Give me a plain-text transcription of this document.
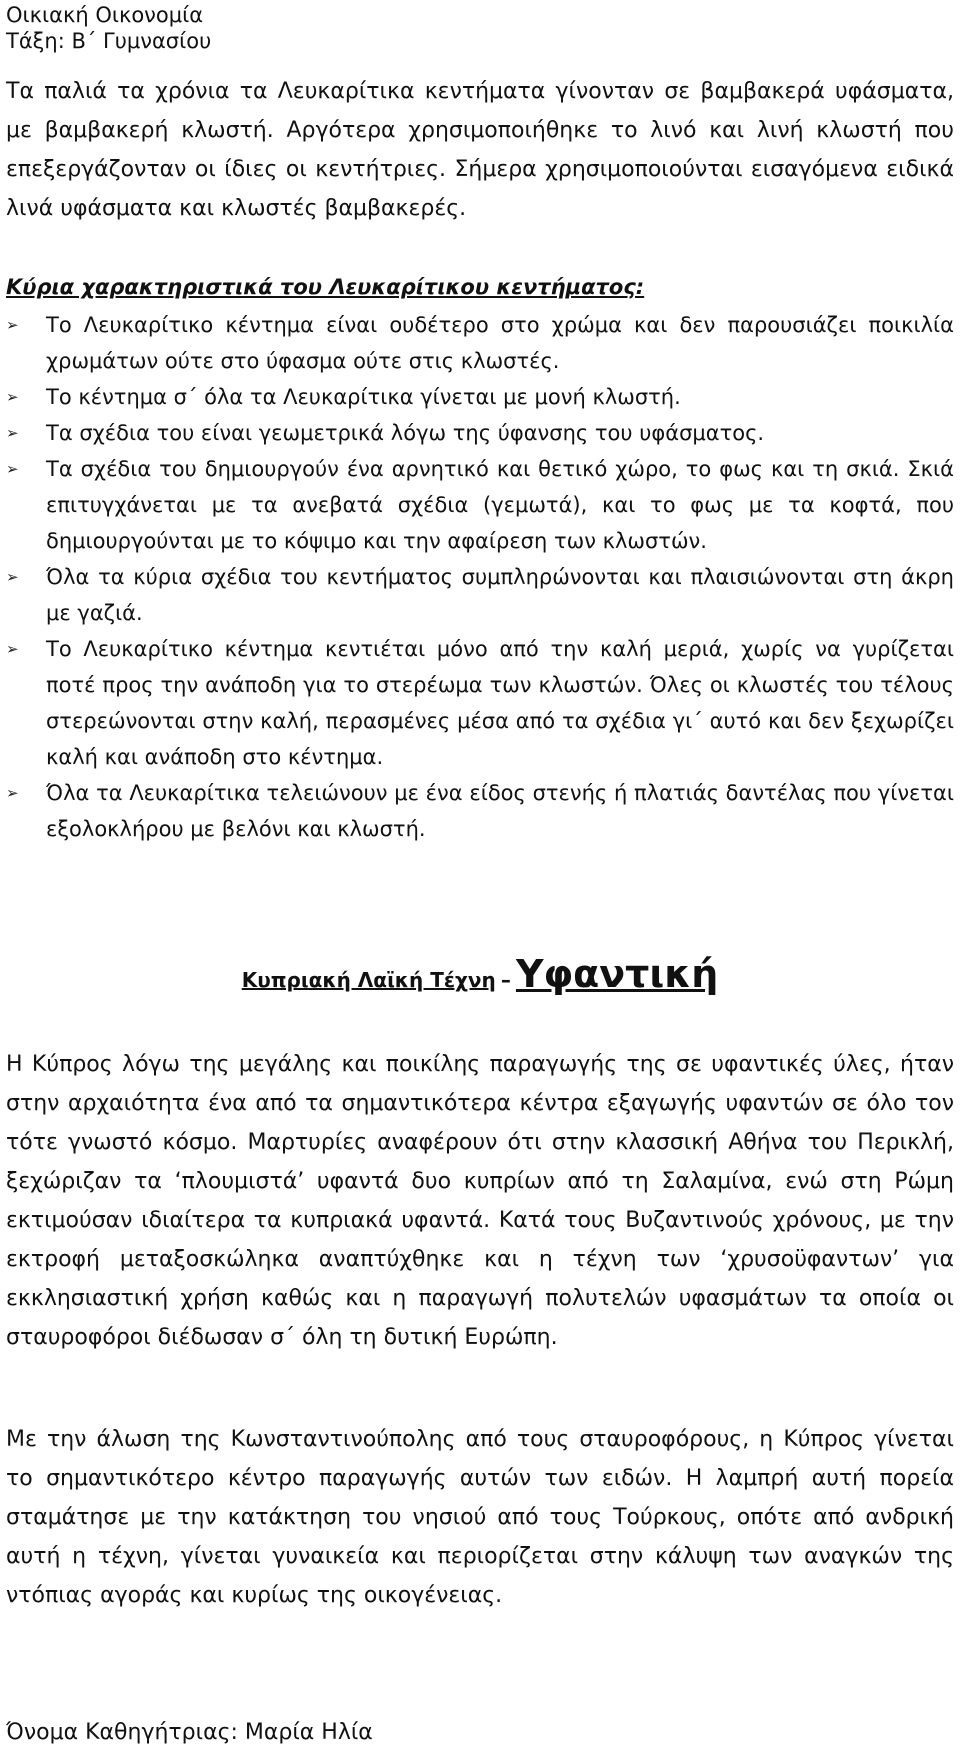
Οικιακή Οικονομία
Τάξη: Β΄ Γυμνασίου

Τα παλιά τα χρόνια τα Λευκαρίτικα κεντήματα γίνονταν σε βαμβακερά υφάσματα, με βαμβακερή κλωστή. Αργότερα χρησιμοποιήθηκε το λινό και λινή κλωστή που επεξεργάζονταν οι ίδιες οι κεντήτριες. Σήμερα χρησιμοποιούνται εισαγόμενα ειδικά λινά υφάσματα και κλωστές βαμβακερές.

Κύρια χαρακτηριστικά του Λευκαρίτικου κεντήματος:
➢	Το Λευκαρίτικο κέντημα είναι ουδέτερο στο χρώμα και δεν παρουσιάζει ποικιλία χρωμάτων ούτε στο ύφασμα ούτε στις κλωστές.
➢	Το κέντημα σ΄ όλα τα Λευκαρίτικα γίνεται με μονή κλωστή.
➢	Τα σχέδια του είναι γεωμετρικά λόγω της ύφανσης του υφάσματος.
➢	Τα σχέδια του δημιουργούν ένα αρνητικό και θετικό χώρο, το φως και τη σκιά. Σκιά επιτυγχάνεται με τα ανεβατά σχέδια (γεμωτά), και το φως με τα κοφτά, που δημιουργούνται με το κόψιμο και την αφαίρεση των κλωστών.
➢	Όλα τα κύρια σχέδια του κεντήματος συμπληρώνονται και πλαισιώνονται στη άκρη με γαζιά.
➢	Το Λευκαρίτικο κέντημα κεντιέται μόνο από την καλή μεριά, χωρίς να γυρίζεται ποτέ προς την ανάποδη για το στερέωμα των κλωστών. Όλες οι κλωστές του τέλους στερεώνονται στην καλή, περασμένες μέσα από τα σχέδια γι΄ αυτό και δεν ξεχωρίζει καλή και ανάποδη στο κέντημα.
➢	Όλα τα Λευκαρίτικα τελειώνουν με ένα είδος στενής ή πλατιάς δαντέλας που γίνεται εξολοκλήρου με βελόνι και κλωστή.
Κυπριακή Λαϊκή Τέχνη – Υφαντική

Η Κύπρος λόγω της μεγάλης και ποικίλης παραγωγής της σε υφαντικές ύλες, ήταν στην αρχαιότητα ένα από τα σημαντικότερα κέντρα εξαγωγής υφαντών σε όλο τον τότε γνωστό κόσμο. Μαρτυρίες αναφέρουν ότι στην κλασσική Αθήνα του Περικλή, ξεχώριζαν τα ‘πλουμιστά’ υφαντά δυο κυπρίων από τη Σαλαμίνα, ενώ στη Ρώμη εκτιμούσαν ιδιαίτερα τα κυπριακά υφαντά. Κατά τους Βυζαντινούς χρόνους, με την εκτροφή μεταξοσκώληκα αναπτύχθηκε και η τέχνη των ‘χρυσοϋφαντων’ για εκκλησιαστική χρήση καθώς και η παραγωγή πολυτελών υφασμάτων τα οποία οι σταυροφόροι διέδωσαν σ΄ όλη τη δυτική Ευρώπη.

Με την άλωση της Κωνσταντινούπολης από τους σταυροφόρους, η Κύπρος γίνεται το σημαντικότερο κέντρο παραγωγής αυτών των ειδών. Η λαμπρή αυτή πορεία σταμάτησε με την κατάκτηση του νησιού από τους Τούρκους, οπότε από ανδρική αυτή η τέχνη, γίνεται γυναικεία και περιορίζεται στην κάλυψη των αναγκών της ντόπιας αγοράς και κυρίως της οικογένειας.

Όνομα Καθηγήτριας: Μαρία Ηλία
